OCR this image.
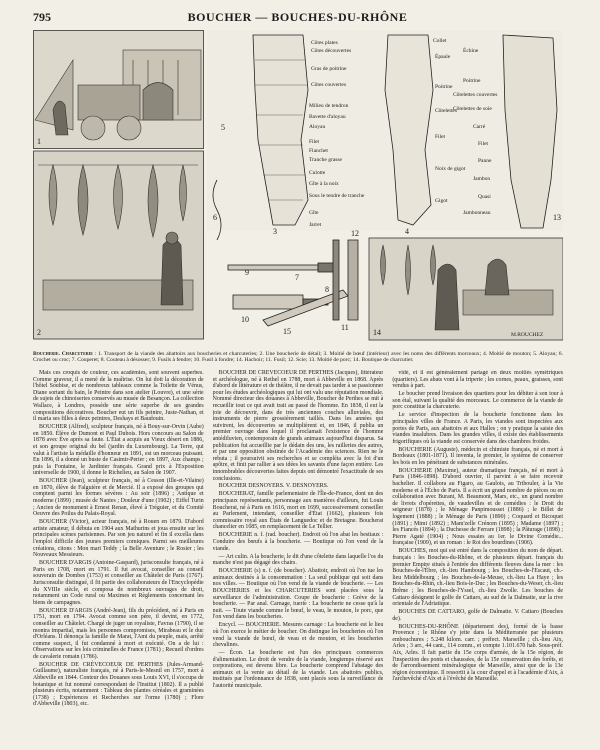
795	BOUCHER — BOUCHES-DU-RHÔNE
Côtes plates
Côtes découvertes
Gras de poitrine
Côtes couvertes
Milieu de tendron
Bavette d'aloyau
Aloyau
Filet
Flanchet
Tranche grasse
Culotte
Gîte à la noix
Sous le tendre de tranche
Gîte
Jarret
Collet
Épaule
Poitrine
Côtelettes
Filet
Noix de gigot
Gigot
Échine
Poitrine
Côtelettes couvertes
Côtelettes de soie
Carré
Filet
Panne
Jambon
Quasi
Jambonneau
1
2
3	4
5
6
7
8
9
10
11
12
13
14
15	M.ROUCHEZ
Boucherie. Charcuterie : 1. Transport de la viande des abattoirs aux boucheries et charcuteries; 2. Une boucherie de détail; 3. Moitié de bœuf (intérieur) avec les noms des différents morceaux; 4. Moitié de mouton; 5. Aloyau; 6. Crochet ou croc; 7. Couperet; 8. Couteau à désosser; 9. Fusils à fendre; 10. Fusil à fondre; 14. Hachoir; 11. Fusil; 12. Scie; 13. Moitié de porc; 14. Boutique de charcutier.

Mais ces croquis de couleur, ces académies, sont souvent superbes. Comme graveur, il a mené de la maîtrise. On lui doit la décoration de l'hôtel Soubise, et de nombreux tableaux comme la Toilette de Vénus, Diane sortant du bain, le Peintre dans son atelier (Louvre), et une série de sujets de chinoiseries conservés au musée de Besançon. La collection Wallace, à Londres, possède une série superbe de ses grandes compositions décoratives. Boucher eut un fils peintre, Juste-Nathan, et il maria ses filles à deux peintres, Deshays et Baudouin.

BOUCHER (Alfred), sculpteur français, né à Bouy-sur-Orvin (Aube) en 1850. Élève de Dumont et Paul Dubois. Hors concours au Salon de 1878 avec Ève après sa faute. L'État a acquis au Vieux désert en 1886, et son groupe original du bel (jardin du Luxembourg). La Terre, qui valut à l'artiste la médaille d'honneur en 1891, est un morceau puissant. En 1896, il a donné un buste de Casimir-Perier ; en 1897, Aux champs ; puis la Fontaine, le Jardinier français. Grand prix à l'Exposition universelle de 1900, il donne le Richelieu, au Salon de 1907.

BOUCHER (Jean), sculpteur français, né à Cesson (Ille-et-Vilaine) en 1870, élève de Falguière et de Mercié. Il a exposé des groupes qui comptent parmi les formes sévères : Au soir (1896) ; Antique et moderne (1899) ; musée de Nantes ; Douleur d'une (1902) ; Eiffel Turin ; Ancien de monument à Ernest Renan, élevé à Tréguier, et du Comité Oeuvre des Poilus du Palais-Royal.

BOUCHER (Victor), acteur français, né à Rouen en 1879. D'abord artiste amateur, il débuta en 1904 aux Mathurins et joua ensuite sur les principales scènes parisiennes. Par son jeu naturel et fin il excella dans l'emploi difficile des jeunes premiers comiques. Parmi ses meilleures créations, citons : Mon mari Teddy ; la Belle Aventure ; le Rosier ; les Nouveaux Messieurs.

BOUCHER D'ARGIS (Antoine-Gaspard), jurisconsulte français, né à Paris en 1708, mort en 1791. Il fut avocat, conseiller au conseil souverain de Dombes (1753) et conseiller au Châtelet de Paris (1767). Jurisconsulte distingué, il fit partie des collaborateurs de l'Encyclopédie du XVIIIe siècle, et composa de nombreux ouvrages de droit, notamment un Code rural ou Maximes et Règlements concernant les biens de campagnes.

BOUCHER D'ARGIS (André-Jean), fils du précédent, né à Paris en 1751, mort en 1794. Avocat comme son père, il devint, en 1772, conseiller au Châtelet. Chargé de juger un royaliste, Favras (1790), il se montra impartial, mais les personnes compromises, Mirabeau et le duc d'Orléans. Il dénonça la famille de Marat, l'Ami du peuple, mais, arrêté comme suspect, il fut condamné à mort et exécuté. On a de lui : Observations sur les lois criminelles de France (1781) ; Recueil d'ordres de cavalerie romain (1786).

BOUCHER DE CRÈVECOEUR DE PERTHES (Jules-Armand-Guillaume), naturaliste français, né à Paris-le-Mesnil en 1757, mort à Abbeville en 1844. Conteur des Douanes sous Louis XVI, il s'occupa de botanique et fut nommé correspondant de l'Institut (1802). Il a publié plusieurs écrits, notamment : Tableau des plantes céréales et graminées (1738) ; Expériences et Recherches sur l'orme (1780) ; Flore d'Abbeville (1803), etc.

BOUCHER DE CRÈVECOEUR DE PERTHES (Jacques), littérateur et archéologue, né à Rethel en 1788, mort à Abbeville en 1868. Après d'abord de littérature et de théâtre, il ne devait pas tarder à se passionner pour les études archéologiques qui lui ont valu une réputation mondiale. Nommé directeur des douanes à Abbeville, Boucher de Perthes se mit à recueillir tout ce qui avait trait au passé de l'homme. En 1838, il eut la joie de découvrir, dans de très anciennes couches alluviales, des instruments de pierre grossièrement taillés. Dans les années qui suivirent, les découvertes se multiplièrent et, en 1846, il publia un premier ouvrage dans lequel il proclamait l'existence de l'homme antédiluvien, contemporain de grands animaux aujourd'hui disparus. Sa publication fut accueillie par le dédain des uns, les railleries des autres, et par une opposition obstinée de l'Académie des sciences. Rien ne le rebuta ; il poursuivit ses recherches et se compléta avec la foi d'un apôtre, et finit par rallier à ses idées les savants d'une façon entière. Les innombrables découvertes faites depuis ont démontré l'exactitude de ses conclusions.

BOUCHER DESNOYERS. V. DESNOYERS.

BOUCHERAT, famille parlementaire de l'Île-de-France, dont un des principaux représentants, personnage aux manières d'ailleurs, fut Louis Boucherat, né à Paris en 1616, mort en 1699, successivement conseiller au Parlement, intendant, conseiller d'État (1662), plusieurs fois commissaire royal aux États de Languedoc et de Bretagne. Boucherat chancelier en 1685, en remplacement de Le Tellier.

BOUCHERIE n. f. (rad. boucher). Endroit où l'on abat les bestiaux : Conduire des bœufs à la boucherie. — Boutique où l'on vend de la viande.

— Art culin. A la boucherie, le dit d'une côtelette dans laquelle l'os du manche n'est pas dégagé des chairs.

BOUCHERIE (s) n. f. (de boucher). Abattoir, endroit où l'on tue les animaux destinés à la consommation : La seul publique qui soit dans nos villes. — Boutique où l'on vend de la viande de boucherie. — Les BOUCHERIES et les CHARCUTERIES sont placées sous la surveillance de l'administration. Coupe de boucherie : Grève de la boucherie. — Par anal. Carnage, tuerie : La boucherie ne cesse qu'à la nuit. — Toute viande comme le bœuf, le veau, le mouton, le porc, que l'on vend dans les boucheries.

Encycl. — BOUCHERIE. Mesures carnage : La boucherie est le lieu où l'on exerce le métier de boucher. On distingue les boucheries où l'on vend la viande de bœuf, de veau et de mouton, et les boucheries chevalines.

— Écon. La boucherie est l'un des principaux commerces d'alimentation. Le droit de vendre de la viande, longtemps réservé aux corporations, est devenu libre. La boucherie comprend l'abatage des animaux et la vente au détail de la viande. Les abattoirs publics, institués par l'ordonnance de 1838, sont placés sous la surveillance de l'autorité municipale.

vidé, et il est généralement partagé en deux moitiés symétriques (quartiers). Les abats vont à la triperie ; les cornes, peaux, graisses, sont vendus à part.

Le boucher prend livraison des quartiers pour les débiter à son tour à son étal, suivant la qualité des morceaux. Le commerce de la viande de porc constitue la charcuterie.

Le service d'inspection de la boucherie fonctionne dans les principales villes de France. A Paris, les viandes sont inspectées aux portes de Paris, aux abattoirs et aux Halles ; on y pratique la saisie des viandes insalubres. Dans les grandes villes, il existe des établissements frigorifiques où la viande est conservée dans des chambres froides.

BOUCHERIE (Auguste), médecin et chimiste français, né et mort à Bordeaux (1801-1871). Il inventa, le premier, le système de conserver les bois en les pénétrant de substances minérales.

BOUCHERIE (Maxime), auteur dramatique français, né et mort à Paris (1846-1898). D'abord ouvrier, il parvint à se faire recevoir bachelier. Il collabora au Figaro, au Gaulois, au Tribouler, à la Vie moderne et à l'Écho de Paris. Il a écrit un grand nombre de pièces ou en collaboration avec Burani, M. Beaumont, Mars, etc., un grand nombre de livrets d'opérettes, de vaudevilles et de comédies : le Droit du seigneur (1878) ; le Ménage Panpimousset (1886) ; le Billet de logement (1888) ; le Ménage de Paris (1890) ; Coquard et Bicoquet (1891) ; Mimi (1892) ; Mam'zelle Crénom (1895) ; Madame (1897) ; les Fiancés (1894) ; la Duchesse de Ferrare (1898) ; la Pâturage (1898) ; Pierre Agaté (1904) ; Nous essaies au 1er. le Divine Comédie... française (1909), et un roman : le Roi des bourdines (1906).

BOUCHES, mot qui est entré dans la composition du nom de départ. français : les Bouches-du-Rhône, et de plusieurs départ. français du premier Empire situés à l'entrée des différents fleuves dans la mer : les Bouches-de-l'Èbre, ch.-lieu Hambourg ; les Bouches-de-l'Escaut, ch.-lieu Middelbourg ; les Bouches-de-la-Meuse, ch.-lieu La Haye ; les Bouches-du-Rhin, ch.-lieu Bois-le-Duc ; les Bouches-du-Weser, ch.-lieu Brême ; les Bouches-de-l'Yssel, ch.-lieu Zwolle. Les bouches de Cattaro désignent le golfe de Cattaro, au sud de la Dalmatie, sur la rive orientale de l'Adriatique.

BOUCHES DE CATTARO, golfe de Dalmatie. V. Cattaro (Bouches de).

BOUCHES-DU-RHÔNE (département des), formé de la basse Provence ; le Rhône s'y jette dans la Méditerranée par plusieurs embouchures ; 5.248 kilom. carr. ; préfect. Marseille ; ch.-lieu Aix, Arles ; 3 arr., 44 cant., 114 comm., et compte 1.101.670 hab. Sous-préf. Aix, Arles. Il fait partie du 15e corps d'armée, de la 15e région, de l'inspection des ponts et chaussées, de la 15e conservation des forêts, et de l'arrondissement minéralogique de Marseille, ainsi que de la 13e région économique. Il ressortit à la cour d'appel et à l'académie d'Aix, à l'archevêché d'Aix et à l'évêché de Marseille.
